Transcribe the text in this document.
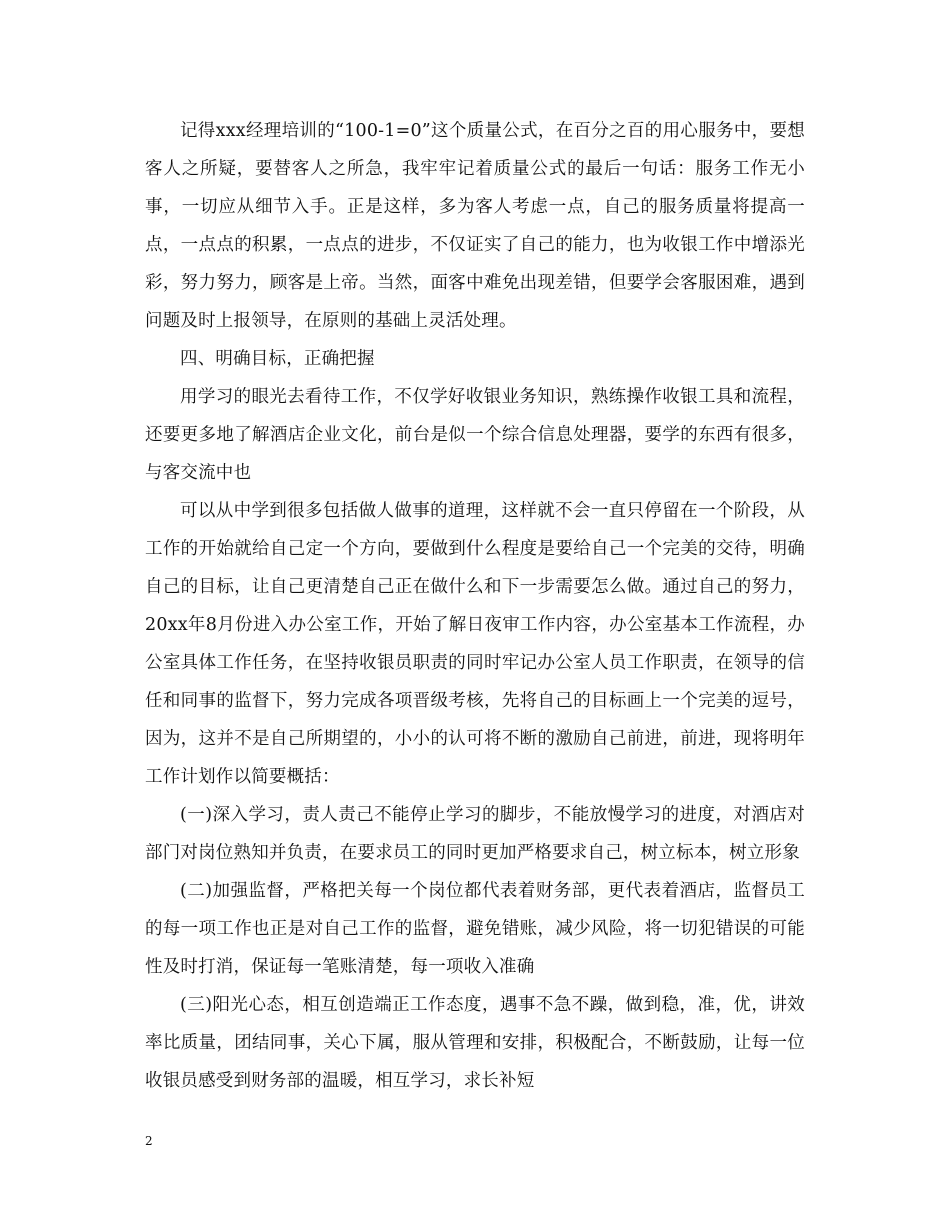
记得xxx经理培训的“100-1=0”这个质量公式，在百分之百的用心服务中，要想客人之所疑，要替客人之所急，我牢牢记着质量公式的最后一句话：服务工作无小事，一切应从细节入手。正是这样，多为客人考虑一点，自己的服务质量将提高一点，一点点的积累，一点点的进步，不仅证实了自己的能力，也为收银工作中增添光彩，努力努力，顾客是上帝。当然，面客中难免出现差错，但要学会客服困难，遇到问题及时上报领导，在原则的基础上灵活处理。

四、明确目标，正确把握

用学习的眼光去看待工作，不仅学好收银业务知识，熟练操作收银工具和流程，还要更多地了解酒店企业文化，前台是似一个综合信息处理器，要学的东西有很多，与客交流中也

可以从中学到很多包括做人做事的道理，这样就不会一直只停留在一个阶段，从工作的开始就给自己定一个方向，要做到什么程度是要给自己一个完美的交待，明确自己的目标，让自己更清楚自己正在做什么和下一步需要怎么做。通过自己的努力，20xx年8月份进入办公室工作，开始了解日夜审工作内容，办公室基本工作流程，办公室具体工作任务，在坚持收银员职责的同时牢记办公室人员工作职责，在领导的信任和同事的监督下，努力完成各项晋级考核，先将自己的目标画上一个完美的逗号，因为，这并不是自己所期望的，小小的认可将不断的激励自己前进，前进，现将明年工作计划作以简要概括：

(一)深入学习，责人责己不能停止学习的脚步，不能放慢学习的进度，对酒店对部门对岗位熟知并负责，在要求员工的同时更加严格要求自己，树立标本，树立形象

(二)加强监督，严格把关每一个岗位都代表着财务部，更代表着酒店，监督员工的每一项工作也正是对自己工作的监督，避免错账，减少风险，将一切犯错误的可能性及时打消，保证每一笔账清楚，每一项收入准确

(三)阳光心态，相互创造端正工作态度，遇事不急不躁，做到稳，准，优，讲效率比质量，团结同事，关心下属，服从管理和安排，积极配合，不断鼓励，让每一位收银员感受到财务部的温暖，相互学习，求长补短

2
